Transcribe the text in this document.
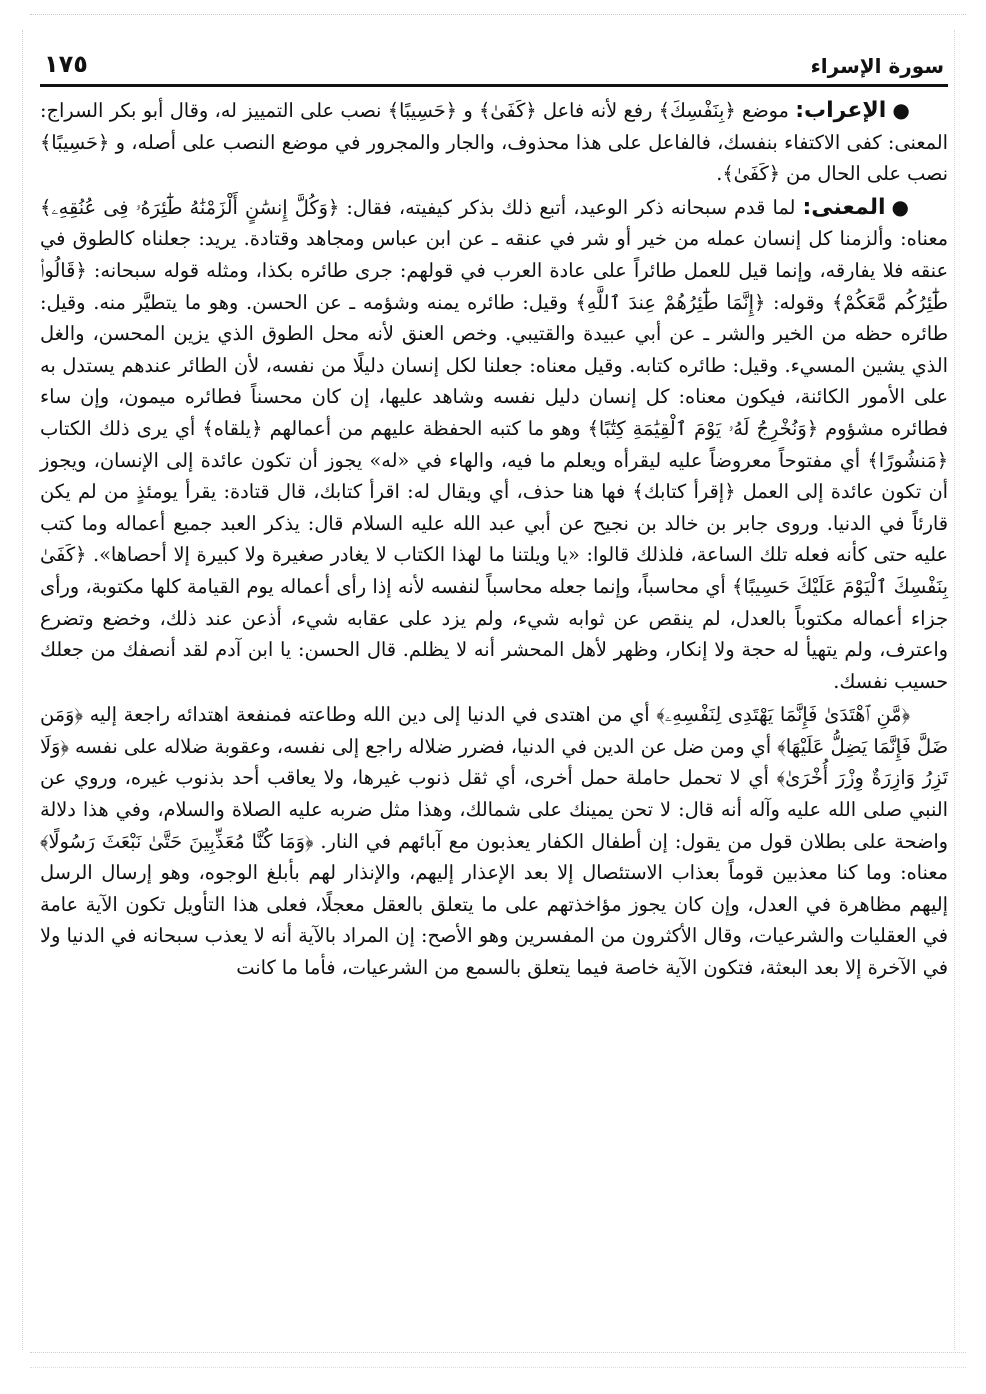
سورة الإسراء
١٧٥

●الإعراب: موضع ﴿بِنَفْسِكَ﴾ رفع لأنه فاعل ﴿كَفَىٰ﴾ و ﴿حَسِيبًا﴾ نصب على التمييز له، وقال أبو بكر السراج: المعنى: كفى الاكتفاء بنفسك، فالفاعل على هذا محذوف، والجار والمجرور في موضع النصب على أصله، و ﴿حَسِيبًا﴾ نصب على الحال من ﴿كَفَىٰ﴾.

●المعنى: لما قدم سبحانه ذكر الوعيد، أتبع ذلك بذكر كيفيته، فقال: ﴿وَكُلَّ إِنسَٰنٍ أَلْزَمْنَٰهُ طَٰٓئِرَهُۥ فِى عُنُقِهِۦ﴾ معناه: وألزمنا كل إنسان عمله من خير أو شر في عنقه ـ عن ابن عباس ومجاهد وقتادة. يريد: جعلناه كالطوق في عنقه فلا يفارقه، وإنما قيل للعمل طائراً على عادة العرب في قولهم: جرى طائره بكذا، ومثله قوله سبحانه: ﴿قَالُوا۟ طَٰٓئِرُكُم مَّعَكُمْ﴾ وقوله: ﴿إِنَّمَا طَٰٓئِرُهُمْ عِندَ ٱللَّهِ﴾ وقيل: طائره يمنه وشؤمه ـ عن الحسن. وهو ما يتطيَّر منه. وقيل: طائره حظه من الخير والشر ـ عن أبي عبيدة والقتيبي. وخص العنق لأنه محل الطوق الذي يزين المحسن، والغل الذي يشين المسيء. وقيل: طائره كتابه. وقيل معناه: جعلنا لكل إنسان دليلًا من نفسه، لأن الطائر عندهم يستدل به على الأمور الكائنة، فيكون معناه: كل إنسان دليل نفسه وشاهد عليها، إن كان محسناً فطائره ميمون، وإن ساء فطائره مشؤوم ﴿وَنُخْرِجُ لَهُۥ يَوْمَ ٱلْقِيَٰمَةِ كِتَٰبًا﴾ وهو ما كتبه الحفظة عليهم من أعمالهم ﴿يلقاه﴾ أي يرى ذلك الكتاب ﴿مَنشُورًا﴾ أي مفتوحاً معروضاً عليه ليقرأه ويعلم ما فيه، والهاء في «له» يجوز أن تكون عائدة إلى الإنسان، ويجوز أن تكون عائدة إلى العمل ﴿إقرأ كتابك﴾ فها هنا حذف، أي ويقال له: اقرأ كتابك، قال قتادة: يقرأ يومئذٍ من لم يكن قارئاً في الدنيا. وروى جابر بن خالد بن نجيح عن أبي عبد الله عليه السلام قال: يذكر العبد جميع أعماله وما كتب عليه حتى كأنه فعله تلك الساعة، فلذلك قالوا: «يا ويلتنا ما لهذا الكتاب لا يغادر صغيرة ولا كبيرة إلا أحصاها». ﴿كَفَىٰ بِنَفْسِكَ ٱلْيَوْمَ عَلَيْكَ حَسِيبًا﴾ أي محاسباً، وإنما جعله محاسباً لنفسه لأنه إذا رأى أعماله يوم القيامة كلها مكتوبة، ورأى جزاء أعماله مكتوباً بالعدل، لم ينقص عن ثوابه شيء، ولم يزد على عقابه شيء، أذعن عند ذلك، وخضع وتضرع واعترف، ولم يتهيأ له حجة ولا إنكار، وظهر لأهل المحشر أنه لا يظلم. قال الحسن: يا ابن آدم لقد أنصفك من جعلك حسيب نفسك.

﴿مَّنِ ٱهْتَدَىٰ فَإِنَّمَا يَهْتَدِى لِنَفْسِهِۦ﴾ أي من اهتدى في الدنيا إلى دين الله وطاعته فمنفعة اهتدائه راجعة إليه ﴿وَمَن ضَلَّ فَإِنَّمَا يَضِلُّ عَلَيْهَا﴾ أي ومن ضل عن الدين في الدنيا، فضرر ضلاله راجع إلى نفسه، وعقوبة ضلاله على نفسه ﴿وَلَا تَزِرُ وَازِرَةٌ وِزْرَ أُخْرَىٰ﴾ أي لا تحمل حاملة حمل أخرى، أي ثقل ذنوب غيرها، ولا يعاقب أحد بذنوب غيره، وروي عن النبي صلى الله عليه وآله أنه قال: لا تحن يمينك على شمالك، وهذا مثل ضربه عليه الصلاة والسلام، وفي هذا دلالة واضحة على بطلان قول من يقول: إن أطفال الكفار يعذبون مع آبائهم في النار. ﴿وَمَا كُنَّا مُعَذِّبِينَ حَتَّىٰ نَبْعَثَ رَسُولًا﴾ معناه: وما كنا معذبين قوماً بعذاب الاستئصال إلا بعد الإعذار إليهم، والإنذار لهم بأبلغ الوجوه، وهو إرسال الرسل إليهم مظاهرة في العدل، وإن كان يجوز مؤاخذتهم على ما يتعلق بالعقل معجلًا، فعلى هذا التأويل تكون الآية عامة في العقليات والشرعيات، وقال الأكثرون من المفسرين وهو الأصح: إن المراد بالآية أنه لا يعذب سبحانه في الدنيا ولا في الآخرة إلا بعد البعثة، فتكون الآية خاصة فيما يتعلق بالسمع من الشرعيات، فأما ما كانت
